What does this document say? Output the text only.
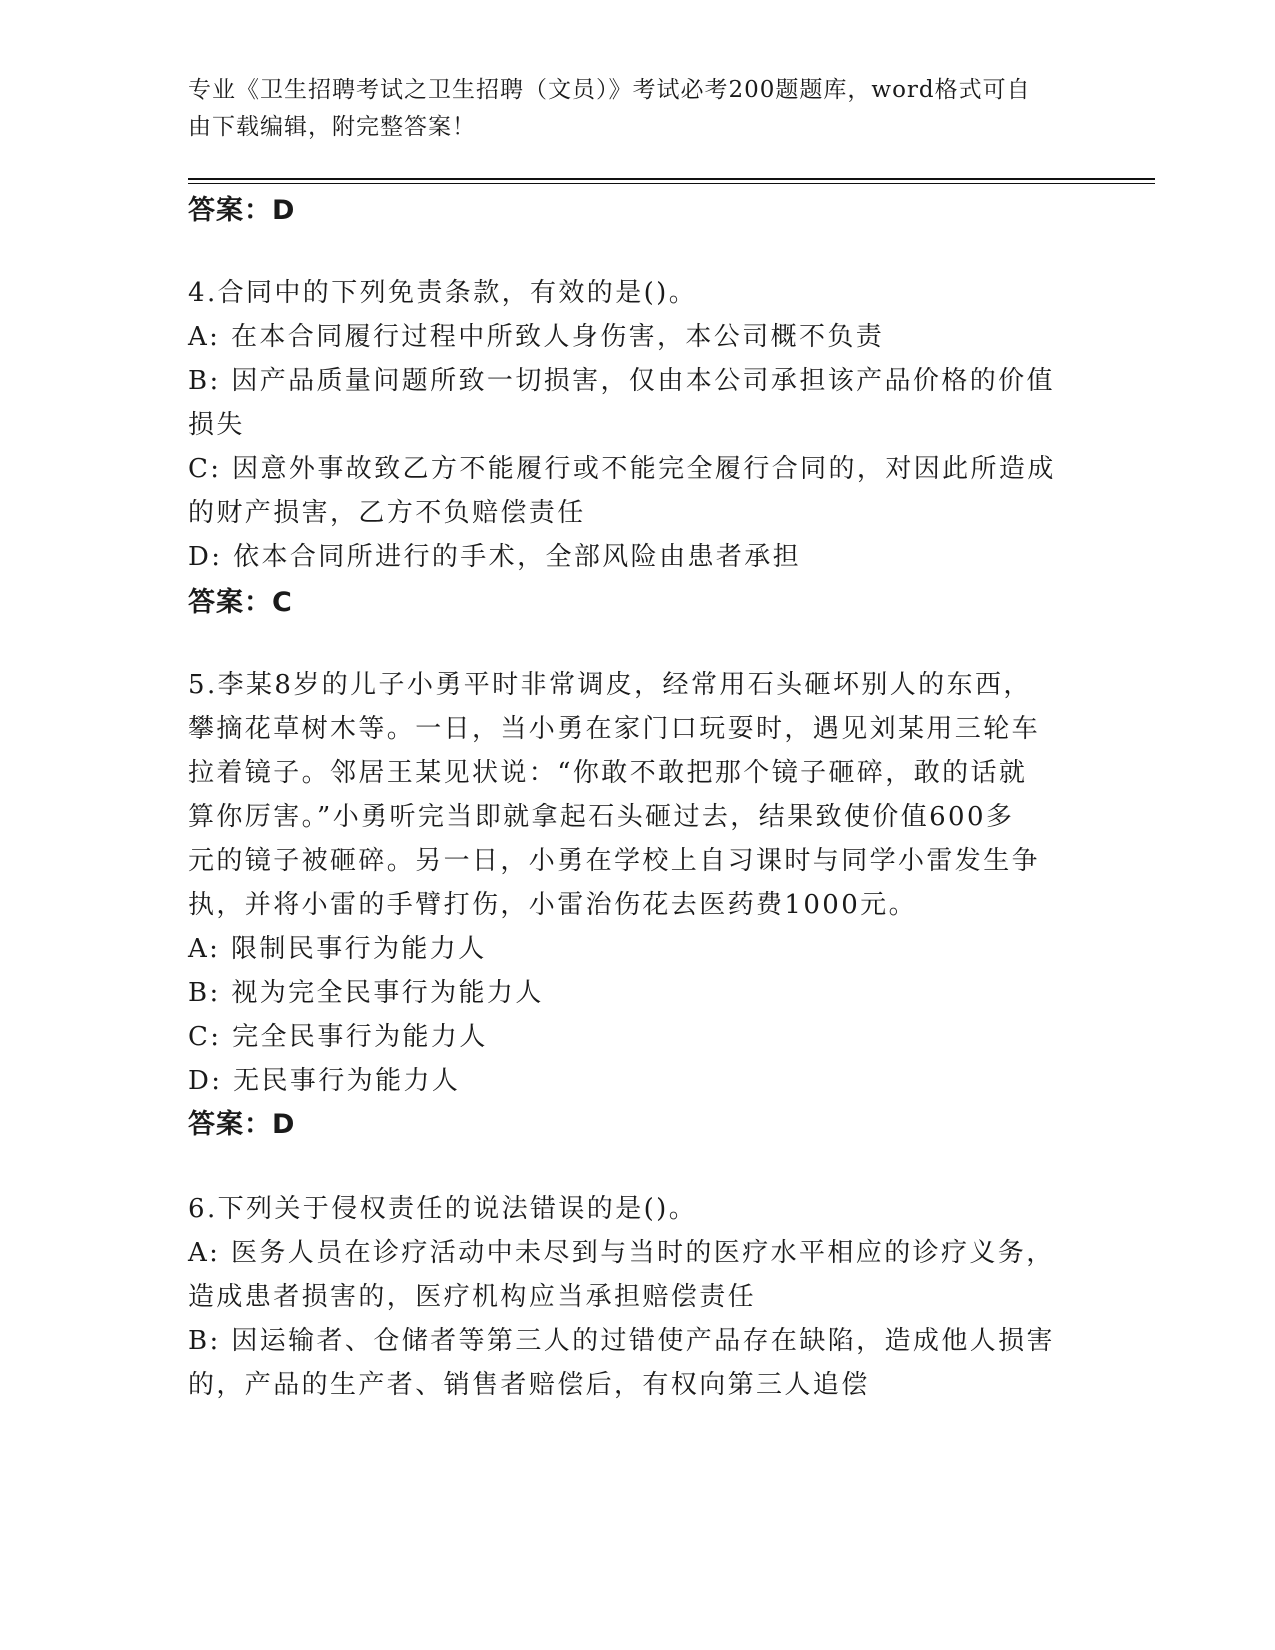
专业《卫生招聘考试之卫生招聘（文员）》考试必考200题题库，word格式可自
由下载编辑，附完整答案！
答案：D
4.合同中的下列免责条款，有效的是()。
A: 在本合同履行过程中所致人身伤害，本公司概不负责
B: 因产品质量问题所致一切损害，仅由本公司承担该产品价格的价值
损失
C: 因意外事故致乙方不能履行或不能完全履行合同的，对因此所造成
的财产损害，乙方不负赔偿责任
D: 依本合同所进行的手术，全部风险由患者承担
答案：C
5.李某8岁的儿子小勇平时非常调皮，经常用石头砸坏别人的东西，
攀摘花草树木等。一日，当小勇在家门口玩耍时，遇见刘某用三轮车
拉着镜子。邻居王某见状说：“你敢不敢把那个镜子砸碎，敢的话就
算你厉害。”小勇听完当即就拿起石头砸过去，结果致使价值600多
元的镜子被砸碎。另一日，小勇在学校上自习课时与同学小雷发生争
执，并将小雷的手臂打伤，小雷治伤花去医药费1000元。
A: 限制民事行为能力人
B: 视为完全民事行为能力人
C: 完全民事行为能力人
D: 无民事行为能力人
答案：D
6.下列关于侵权责任的说法错误的是()。
A: 医务人员在诊疗活动中未尽到与当时的医疗水平相应的诊疗义务，
造成患者损害的，医疗机构应当承担赔偿责任
B: 因运输者、仓储者等第三人的过错使产品存在缺陷，造成他人损害
的，产品的生产者、销售者赔偿后，有权向第三人追偿
